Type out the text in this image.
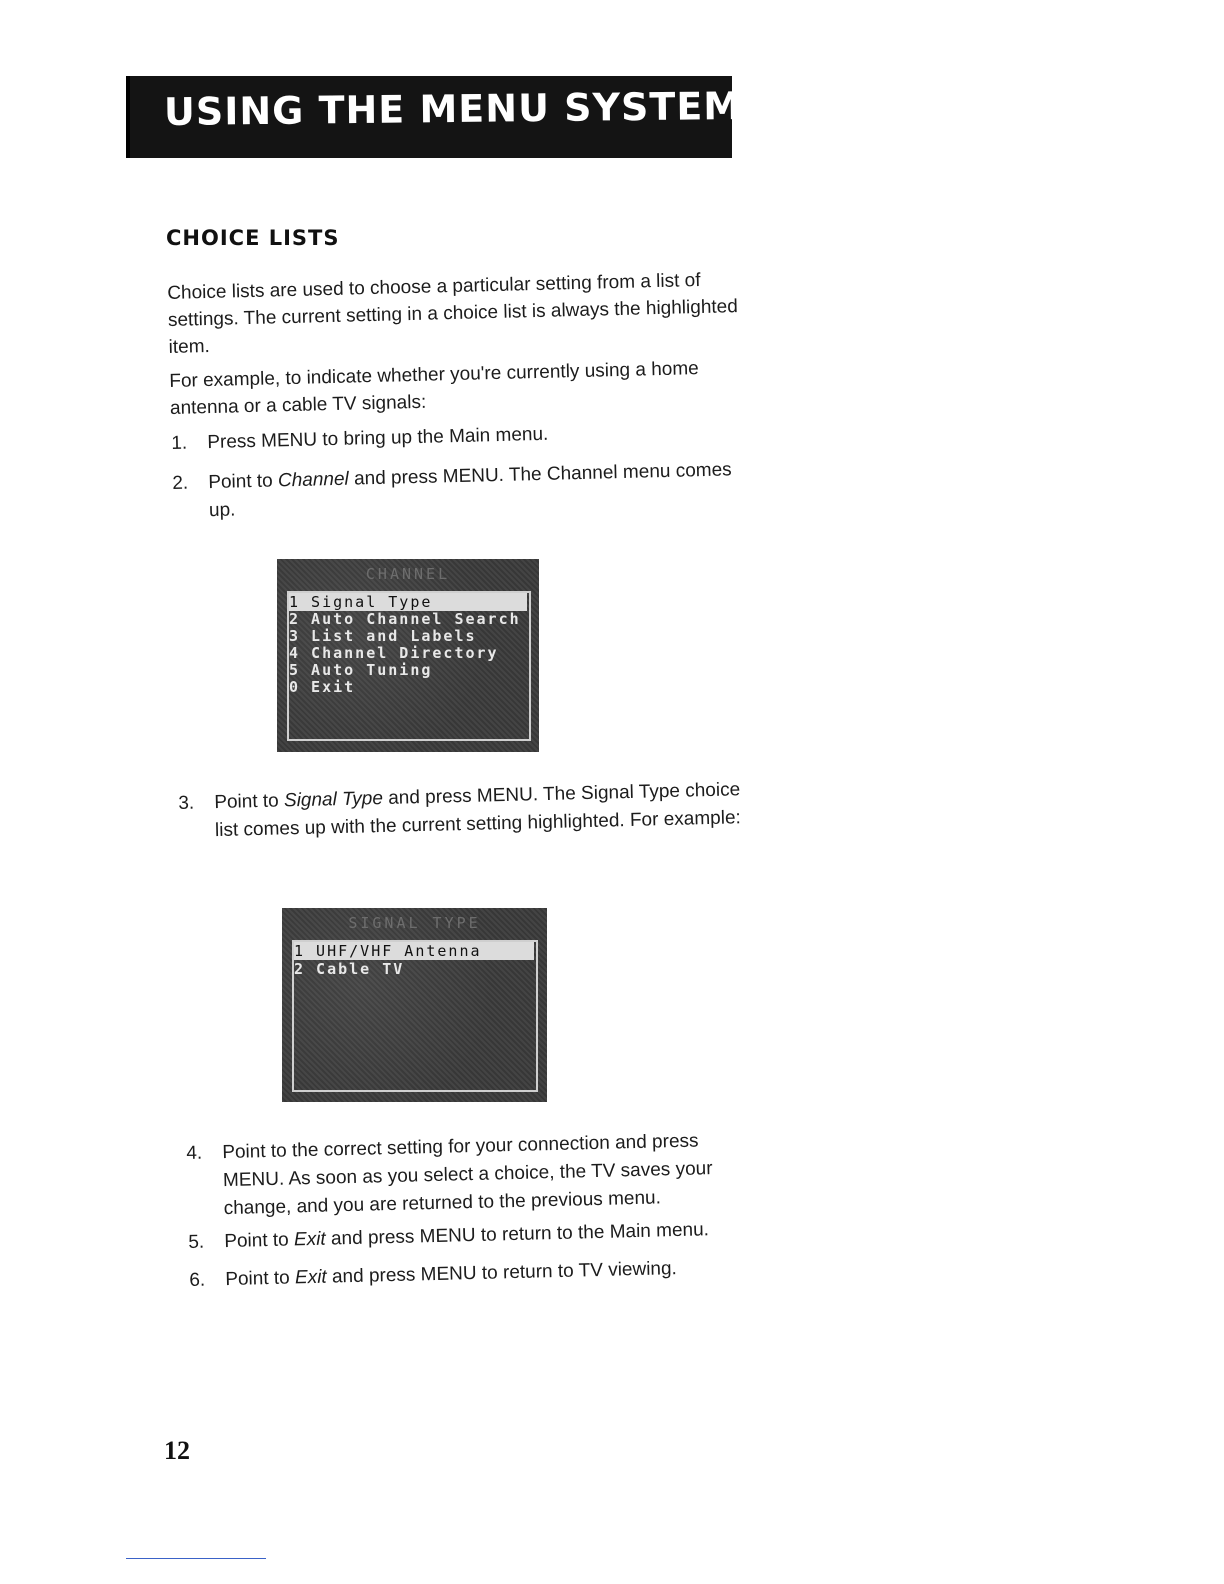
USING THE MENU SYSTEM
CHOICE LISTS
Choice lists are used to choose a particular setting from a list of settings. The current setting in a choice list is always the highlighted item.
For example, to indicate whether you're currently using a home antenna or a cable TV signals:
1.	Press MENU to bring up the Main menu.
2.	Point to Channel and press MENU. The Channel menu comes up.
CHANNEL
1 Signal Type
2 Auto Channel Search
3 List and Labels
4 Channel Directory
5 Auto Tuning
0 Exit
3.	Point to Signal Type and press MENU. The Signal Type choice list comes up with the current setting highlighted. For example:
SIGNAL TYPE
1 UHF/VHF Antenna
2 Cable TV
4.	Point to the correct setting for your connection and press MENU. As soon as you select a choice, the TV saves your change, and you are returned to the previous menu.
5.	Point to Exit and press MENU to return to the Main menu.
6.	Point to Exit and press MENU to return to TV viewing.
12
